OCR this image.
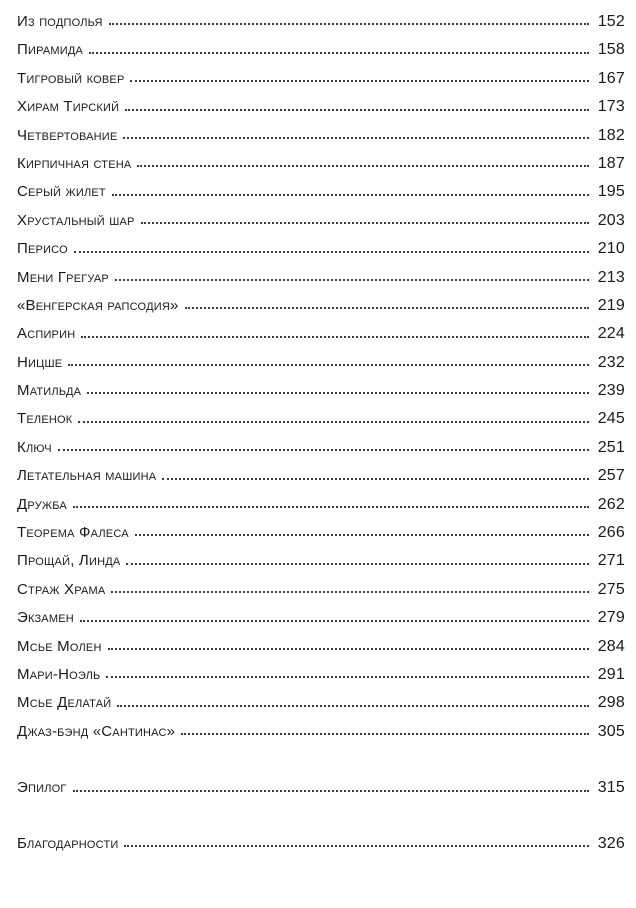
Из подполья	152
Пирамида	158
Тигровый ковер	167
Хирам Тирский	173
Четвертование	182
Кирпичная стена	187
Серый жилет	195
Хрустальный шар	203
Перисо	210
Мени Грегуар	213
«Венгерская рапсодия»	219
Аспирин	224
Ницше	232
Матильда	239
Теленок	245
Ключ	251
Летательная машина	257
Дружба	262
Теорема Фалеса	266
Прощай, Линда	271
Страж Храма	275
Экзамен	279
Мсье Молен	284
Мари-Ноэль	291
Мсье Делатай	298
Джаз-бэнд «Сантинас»	305
Эпилог	315
Благодарности	326
